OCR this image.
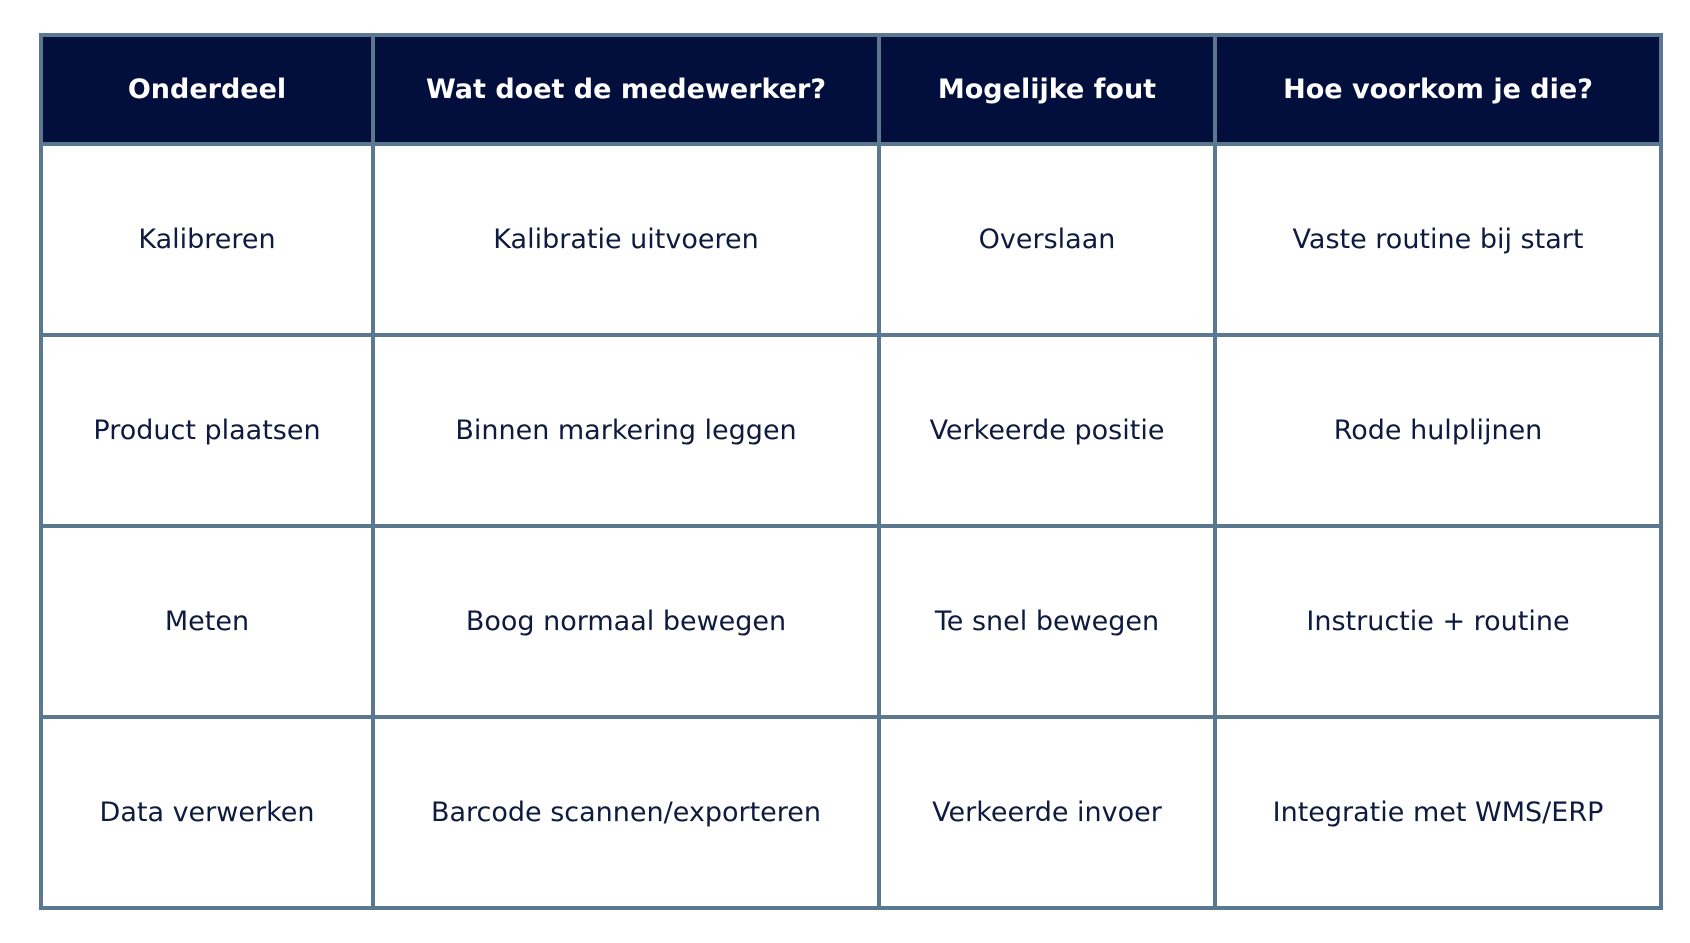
Onderdeel	Wat doet de medewerker?	Mogelijke fout	Hoe voorkom je die?
Kalibreren	Kalibratie uitvoeren	Overslaan	Vaste routine bij start
Product plaatsen	Binnen markering leggen	Verkeerde positie	Rode hulplijnen
Meten	Boog normaal bewegen	Te snel bewegen	Instructie + routine
Data verwerken	Barcode scannen/exporteren	Verkeerde invoer	Integratie met WMS/ERP
